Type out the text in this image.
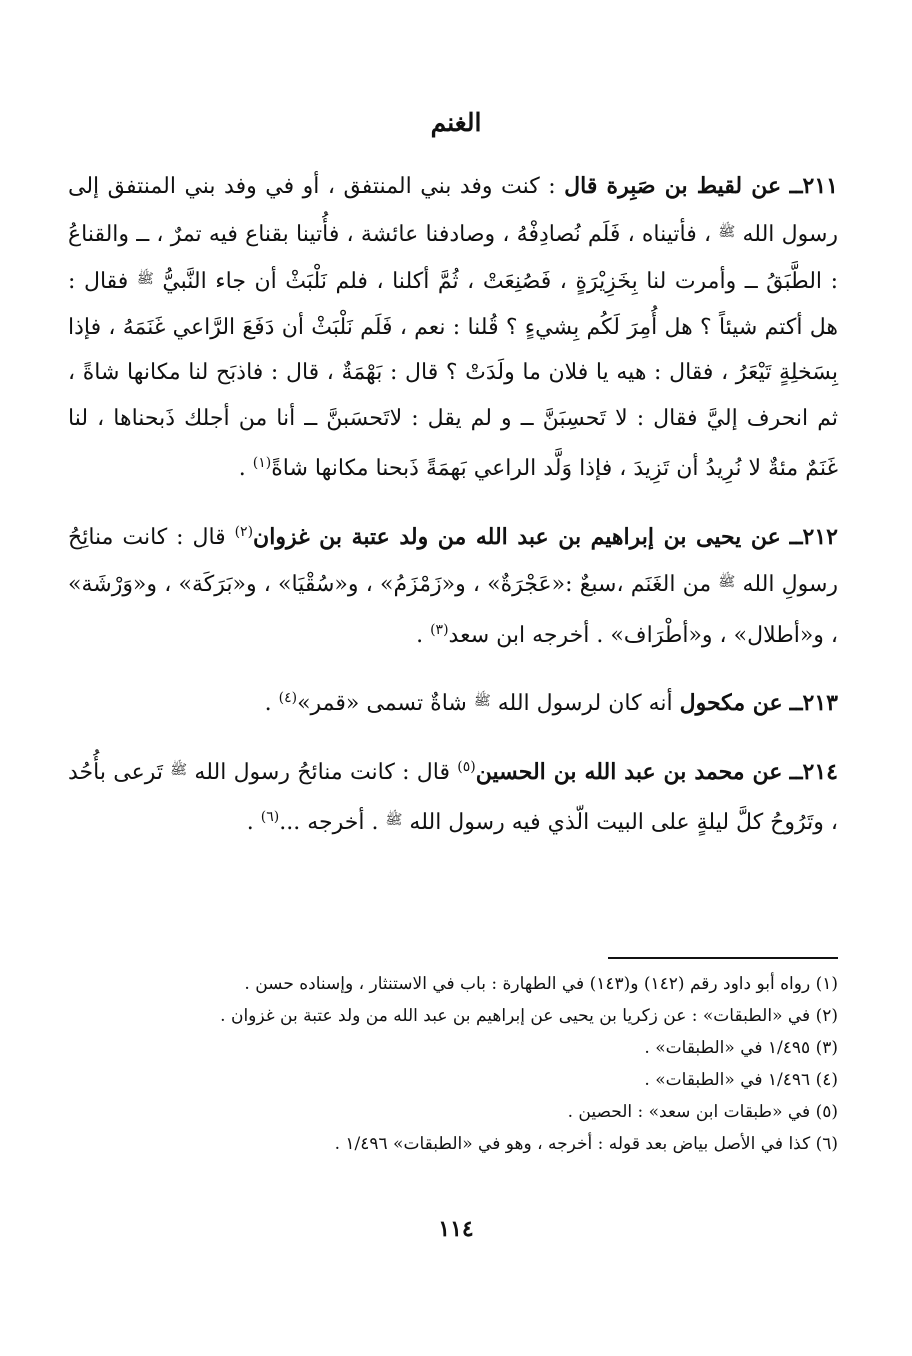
الغنم

٢١١ــ عن لقيط بن صَبِرة قال : كنت وفد بني المنتفق ، أو في وفد بني المنتفق إلى رسول الله $^ﷺ$ ، فأتيناه ، فَلَم نُصادِفْهُ ، وصادفنا عائشة ، فأُتينا بقناع فيه تمرٌ ، ــ والقناعُ : الطَّبَقُ ــ وأمرت لنا بِخَزِيْرَةٍ ، فَصُنِعَتْ ، ثُمَّ أكلنا ، فلم نَلْبَثْ أن جاء النَّبيُّ $^ﷺ$ فقال : هل أكتم شيئاً ؟ هل أُمِرَ لَكُم بِشيءٍ ؟ قُلنا : نعم ، فَلَم نَلْبَثْ أن دَفَعَ الرَّاعي غَنَمَهُ ، فإذا بِسَخلِةٍ تَيْعَرُ ، فقال : هيه يا فلان ما ولَدَتْ ؟ قال : بَهْمَةٌ ، قال : فاذبَح لنا مكانها شاةً ، ثم انحرف إليَّ فقال : لا تَحسِبَنَّ ــ و لم يقل : لاتَحسَبنَّ ــ أنا من أجلك ذَبحناها ، لنا غَنَمٌ مئةٌ لا نُرِيدُ أن تَزِيدَ ، فإذا وَلَّد الراعي بَهمَةً ذَبحنا مكانها شاةً$^{(١)}$ .

٢١٢ــ عن يحيى بن إبراهيم بن عبد الله من ولد عتبة بن غزوان$^{(٢)}$ قال : كانت منائِحُ رسولِ الله $^ﷺ$ من الغَنَم ،سبعٌ :«عَجْرَةٌ» ، و«زَمْزَمُ» ، و«سُقْيَا» ، و«بَرَكَة» ، و«وَرْشَة» ، و«أطلال» ، و«أطْرَاف» . أخرجه ابن سعد$^{(٣)}$ .

٢١٣ــ عن مكحول أنه كان لرسول الله $^ﷺ$ شاةٌ تسمى «قمر»$^{(٤)}$ .

٢١٤ــ عن محمد بن عبد الله بن الحسين$^{(٥)}$ قال : كانت منائحُ رسول الله $^ﷺ$ تَرعى بأُحُد ، وتَرُوحُ كلَّ ليلةٍ على البيت الّذي فيه رسول الله $^ﷺ$ . أخرجه ...$^{(٦)}$ .

(١) رواه أبو داود رقم (١٤٢) و(١٤٣) في الطهارة : باب في الاستنثار ، وإسناده حسن .
(٢) في «الطبقات» : عن زكريا بن يحيى عن إبراهيم بن عبد الله من ولد عتبة بن غزوان .
(٣) ١/٤٩٥ في «الطبقات» .
(٤) ١/٤٩٦ في «الطبقات» .
(٥) في «طبقات ابن سعد» : الحصين .
(٦) كذا في الأصل بياض بعد قوله : أخرجه ، وهو في «الطبقات» ١/٤٩٦ .
١١٤
